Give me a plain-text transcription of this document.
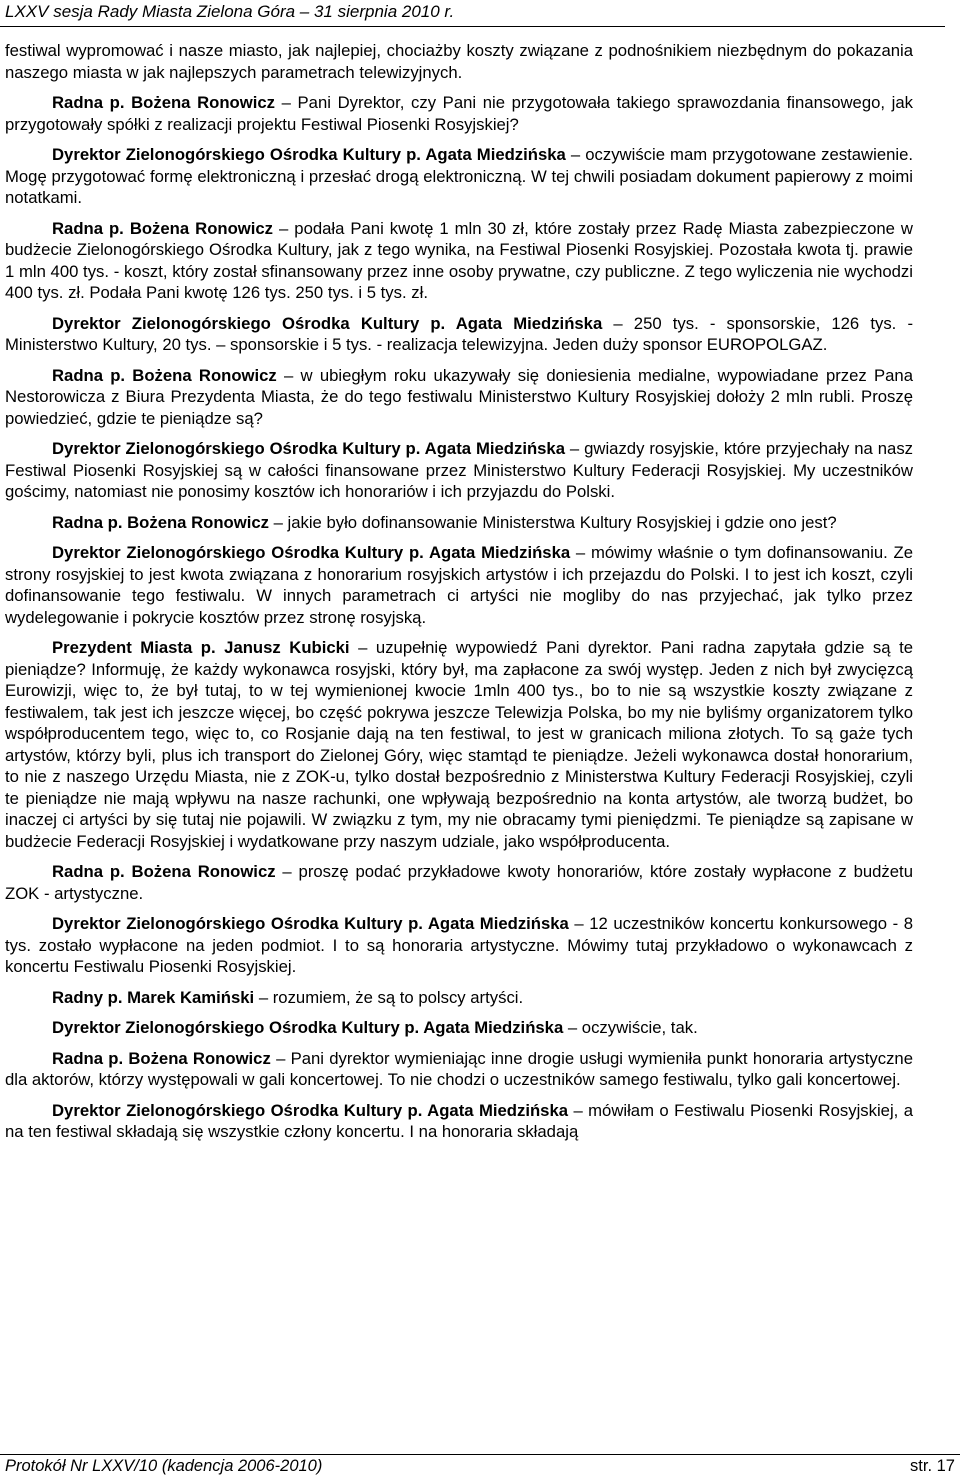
LXXV sesja Rady Miasta Zielona Góra – 31 sierpnia 2010 r.

festiwal wypromować i nasze miasto, jak najlepiej, chociażby koszty związane z podnośnikiem niezbędnym do pokazania naszego miasta w jak najlepszych parametrach telewizyjnych.

Radna p. Bożena Ronowicz – Pani Dyrektor, czy Pani nie przygotowała takiego sprawozdania finansowego, jak przygotowały spółki z realizacji projektu Festiwal Piosenki Rosyjskiej?

Dyrektor Zielonogórskiego Ośrodka Kultury p. Agata Miedzińska – oczywiście mam przygotowane zestawienie. Mogę przygotować formę elektroniczną i przesłać drogą elektroniczną. W tej chwili posiadam dokument papierowy z moimi notatkami.

Radna p. Bożena Ronowicz – podała Pani kwotę 1 mln 30 zł, które zostały przez Radę Miasta zabezpieczone w budżecie Zielonogórskiego Ośrodka Kultury, jak z tego wynika, na Festiwal Piosenki Rosyjskiej. Pozostała kwota tj. prawie 1 mln 400 tys. - koszt, który został sfinansowany przez inne osoby prywatne, czy publiczne. Z tego wyliczenia nie wychodzi 400 tys. zł. Podała Pani kwotę 126 tys. 250 tys. i 5 tys. zł.

Dyrektor Zielonogórskiego Ośrodka Kultury p. Agata Miedzińska – 250 tys. - sponsorskie, 126 tys. - Ministerstwo Kultury, 20 tys. – sponsorskie i 5 tys. - realizacja telewizyjna. Jeden duży sponsor EUROPOLGAZ.

Radna p. Bożena Ronowicz – w ubiegłym roku ukazywały się doniesienia medialne, wypowiadane przez Pana Nestorowicza z Biura Prezydenta Miasta, że do tego festiwalu Ministerstwo Kultury Rosyjskiej dołoży 2 mln rubli. Proszę powiedzieć, gdzie te pieniądze są?

Dyrektor Zielonogórskiego Ośrodka Kultury p. Agata Miedzińska – gwiazdy rosyjskie, które przyjechały na nasz Festiwal Piosenki Rosyjskiej są w całości finansowane przez Ministerstwo Kultury Federacji Rosyjskiej. My uczestników gościmy, natomiast nie ponosimy kosztów ich honorariów i ich przyjazdu do Polski.

Radna p. Bożena Ronowicz – jakie było dofinansowanie Ministerstwa Kultury Rosyjskiej i gdzie ono jest?

Dyrektor Zielonogórskiego Ośrodka Kultury p. Agata Miedzińska – mówimy właśnie o tym dofinansowaniu. Ze strony rosyjskiej to jest kwota związana z honorarium rosyjskich artystów i ich przejazdu do Polski. I to jest ich koszt, czyli dofinansowanie tego festiwalu. W innych parametrach ci artyści nie mogliby do nas przyjechać, jak tylko przez wydelegowanie i pokrycie kosztów przez stronę rosyjską.

Prezydent Miasta p. Janusz Kubicki – uzupełnię wypowiedź Pani dyrektor. Pani radna zapytała gdzie są te pieniądze? Informuję, że każdy wykonawca rosyjski, który był, ma zapłacone za swój występ. Jeden z nich był zwycięzcą Eurowizji, więc to, że był tutaj, to w tej wymienionej kwocie 1mln 400 tys., bo to nie są wszystkie koszty związane z festiwalem, tak jest ich jeszcze więcej, bo część pokrywa jeszcze Telewizja Polska, bo my nie byliśmy organizatorem tylko współproducentem tego, więc to, co Rosjanie dają na ten festiwal, to jest w granicach miliona złotych. To są gaże tych artystów, którzy byli, plus ich transport do Zielonej Góry, więc stamtąd te pieniądze. Jeżeli wykonawca dostał honorarium, to nie z naszego Urzędu Miasta, nie z ZOK-u, tylko dostał bezpośrednio z Ministerstwa Kultury Federacji Rosyjskiej, czyli te pieniądze nie mają wpływu na nasze rachunki, one wpływają bezpośrednio na konta artystów, ale tworzą budżet, bo inaczej ci artyści by się tutaj nie pojawili. W związku z tym, my nie obracamy tymi pieniędzmi. Te pieniądze są zapisane w budżecie Federacji Rosyjskiej i wydatkowane przy naszym udziale, jako współproducenta.

Radna p. Bożena Ronowicz – proszę podać przykładowe kwoty honorariów, które zostały wypłacone z budżetu ZOK - artystyczne.

Dyrektor Zielonogórskiego Ośrodka Kultury p. Agata Miedzińska – 12 uczestników koncertu konkursowego - 8 tys. zostało wypłacone na jeden podmiot. I to są honoraria artystyczne. Mówimy tutaj przykładowo o wykonawcach z koncertu Festiwalu Piosenki Rosyjskiej.

Radny p. Marek Kamiński – rozumiem, że są to polscy artyści.

Dyrektor Zielonogórskiego Ośrodka Kultury p. Agata Miedzińska – oczywiście, tak.

Radna p. Bożena Ronowicz – Pani dyrektor wymieniając inne drogie usługi wymieniła punkt honoraria artystyczne dla aktorów, którzy występowali w gali koncertowej. To nie chodzi o uczestników samego festiwalu, tylko gali koncertowej.

Dyrektor Zielonogórskiego Ośrodka Kultury p. Agata Miedzińska – mówiłam o Festiwalu Piosenki Rosyjskiej, a na ten festiwal składają się wszystkie człony koncertu. I na honoraria składają

Protokół Nr LXXV/10 (kadencja 2006-2010)	str. 17
